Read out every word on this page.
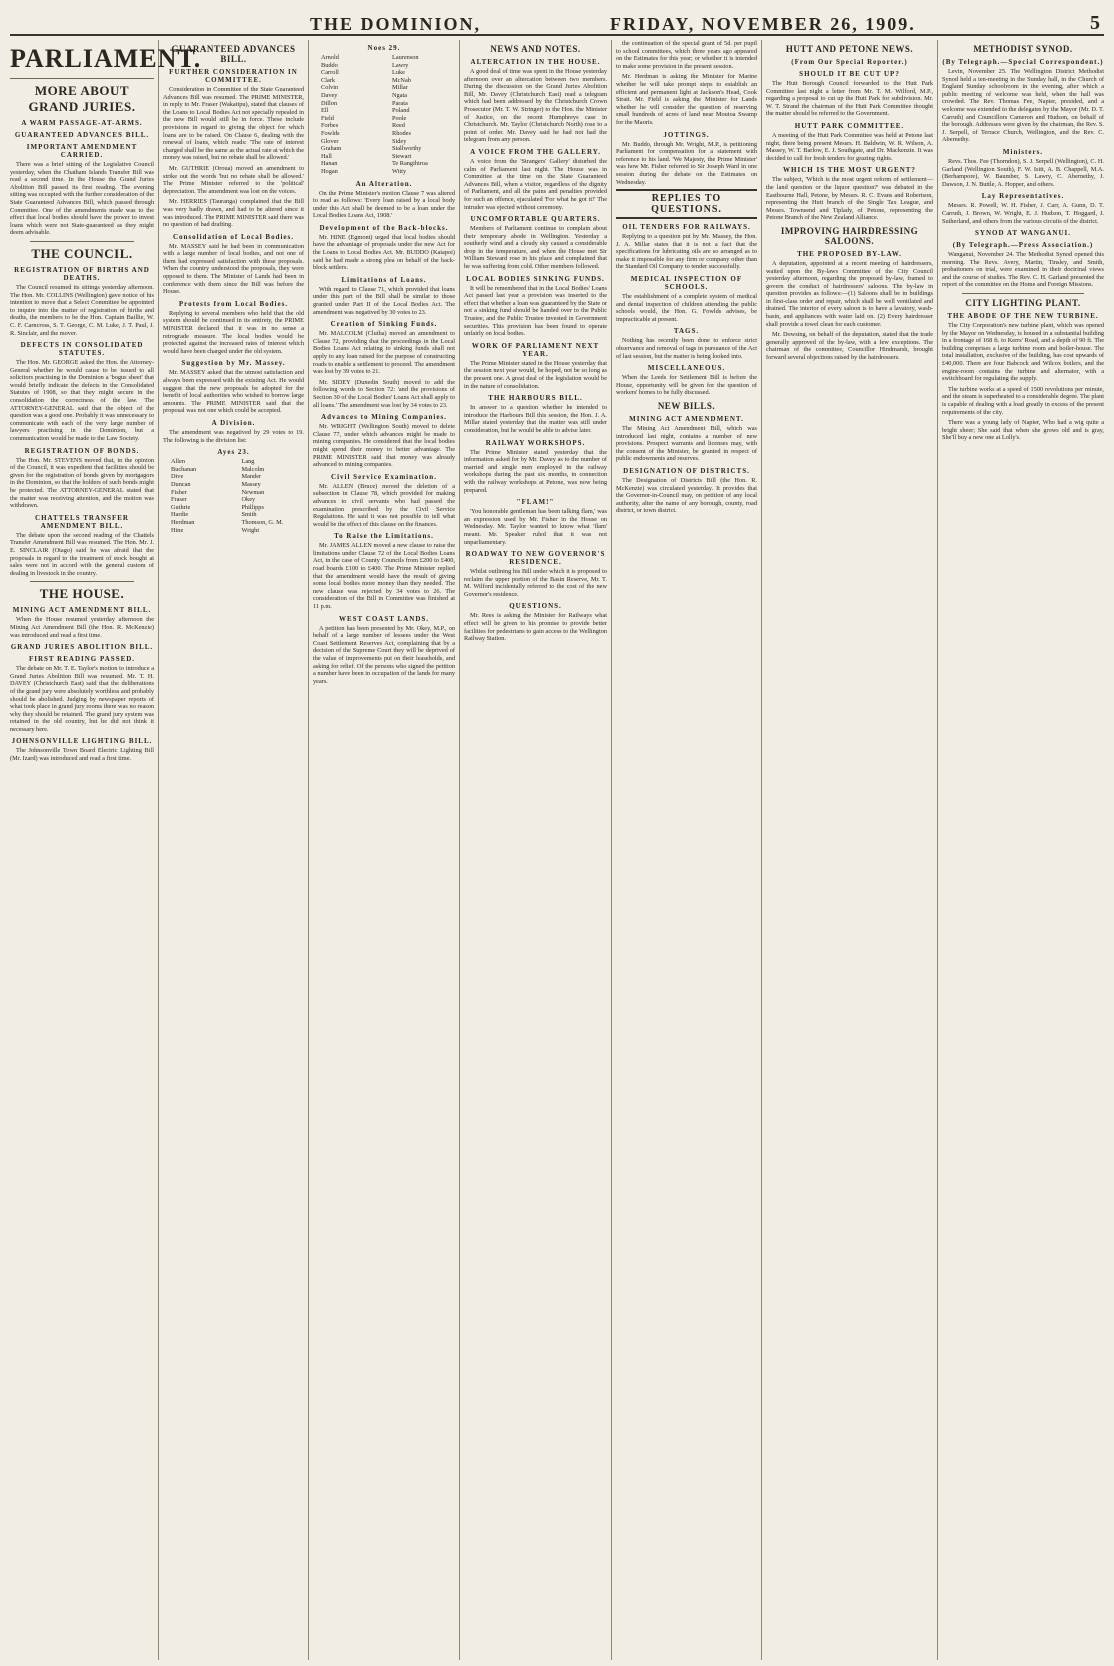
THE DOMINION,	FRIDAY, NOVEMBER 26, 1909.	5
PARLIAMENT.
MORE ABOUT GRAND JURIES.
A WARM PASSAGE-AT-ARMS.
GUARANTEED ADVANCES BILL.
IMPORTANT AMENDMENT CARRIED.

There was a brief sitting of the Legislative Council yesterday, when the Chatham Islands Transfer Bill was read a second time. In the House the Grand Juries Abolition Bill passed its first reading. The evening sitting was occupied with the further consideration of the State Guaranteed Advances Bill, which passed through Committee. One of the amendments made was to the effect that local bodies should have the power to invest loans which were not State-guaranteed as they might deem advisable.

THE COUNCIL.
REGISTRATION OF BIRTHS AND DEATHS.

The Council resumed its sittings yesterday afternoon. The Hon. Mr. COLLINS (Wellington) gave notice of his intention to move that a Select Committee be appointed to inquire into the matter of registration of births and deaths, the members to be the Hon. Captain Baillie, W. C. F. Carncross, S. T. George, C. M. Luke, J. T. Paul, J. R. Sinclair, and the mover.

DEFECTS IN CONSOLIDATED STATUTES.

The Hon. Mr. GEORGE asked the Hon. the Attorney-General whether he would cause to be issued to all solicitors practising in the Dominion a 'bogus sheet' that would briefly indicate the defects in the Consolidated Statutes of 1908, so that they might secure in the consolidation the correctness of the law. The ATTORNEY-GENERAL said that the object of the question was a good one. Probably it was unnecessary to communicate with each of the very large number of lawyers practising in the Dominion, but a communication would be made to the Law Society.

REGISTRATION OF BONDS.

The Hon. Mr. STEVENS moved that, in the opinion of the Council, it was expedient that facilities should be given for the registration of bonds given by mortgagors in the Dominion, so that the holders of such bonds might be protected. The ATTORNEY-GENERAL stated that the matter was receiving attention, and the motion was withdrawn.

CHATTELS TRANSFER AMENDMENT BILL.

The debate upon the second reading of the Chattels Transfer Amendment Bill was resumed. The Hon. Mr. J. E. SINCLAIR (Otago) said he was afraid that the proposals in regard to the treatment of stock bought at sales were not in accord with the general custom of dealing in livestock in the country.

THE HOUSE.
MINING ACT AMENDMENT BILL.

When the House resumed yesterday afternoon the Mining Act Amendment Bill (the Hon. R. McKenzie) was introduced and read a first time.

GRAND JURIES ABOLITION BILL.
FIRST READING PASSED.

The debate on Mr. T. E. Taylor's motion to introduce a Grand Juries Abolition Bill was resumed. Mr. T. H. DAVEY (Christchurch East) said that the deliberations of the grand jury were absolutely worthless and probably should be abolished. Judging by newspaper reports of what took place in grand jury rooms there was no reason why they should be retained. The grand jury system was retained in the old country, but he did not think it necessary here.

JOHNSONVILLE LIGHTING BILL.

The Johnsonville Town Board Electric Lighting Bill (Mr. Izard) was introduced and read a first time.

GUARANTEED ADVANCES BILL.
FURTHER CONSIDERATION IN COMMITTEE.

Consideration in Committee of the State Guaranteed Advances Bill was resumed. The PRIME MINISTER, in reply to Mr. Fraser (Wakatipu), stated that clauses of the Loans to Local Bodies Act not specially repealed in the new Bill would still be in force. These include provisions in regard to giving the object for which loans are to be raised. On Clause 6, dealing with the renewal of loans, which reads: 'The rate of interest charged shall be the same as the actual rate at which the money was raised, but no rebate shall be allowed.'

Mr. GUTHRIE (Oroua) moved an amendment to strike out the words 'but no rebate shall be allowed.' The Prime Minister referred to the 'political' depreciation. The amendment was lost on the voices.

Mr. HERRIES (Tauranga) complained that the Bill was very badly drawn, and had to be altered since it was introduced. The PRIME MINISTER said there was no question of bad drafting.

Consolidation of Local Bodies.

Mr. MASSEY said he had been in communication with a large number of local bodies, and not one of them had expressed satisfaction with these proposals. When the country understood the proposals, they were opposed to them. The Minister of Lands had been in conference with them since the Bill was before the House.

Protests from Local Bodies.

Replying to several members who held that the old system should be continued in its entirety, the PRIME MINISTER declared that it was in no sense a retrograde measure. The local bodies would be protected against the increased rates of interest which would have been charged under the old system.

Suggestion by Mr. Massey.

Mr. MASSEY asked that the utmost satisfaction and always been expressed with the existing Act. He would suggest that the new proposals be adopted for the benefit of local authorities who wished to borrow large amounts. The PRIME MINISTER said that the proposal was not one which could be accepted.

A Division.

The amendment was negatived by 29 votes to 19. The following is the division list:

Ayes 23.
Allen
Buchanan
Dive
Duncan
Fisher
Fraser
Guthrie
Hardie
Herdman
Hine
Lang
Malcolm
Mander
Massey
Newman
Okey
Phillipps
Smith
Thomson, G. M.
Wright
Noes 29.
Arnold
Buddo
Carroll
Clark
Colvin
Davey
Dillon
Ell
Field
Forbes
Fowlds
Glover
Graham
Hall
Hanan
Hogan
Laurenson
Lawry
Luke
McNab
Millar
Ngata
Parata
Poland
Poole
Reed
Rhodes
Sidey
Stallworthy
Stewart
Te Rangihiroa
Witty
An Alteration.

On the Prime Minister's motion Clause 7 was altered to read as follows: 'Every loan raised by a local body under this Act shall be deemed to be a loan under the Local Bodies Loans Act, 1908.'

Development of the Back-blocks.

Mr. HINE (Egmont) urged that local bodies should have the advantage of proposals under the new Act for the Loans to Local Bodies Act. Mr. BUDDO (Kaiapoi) said he had made a strong plea on behalf of the back-block settlers.

Limitations of Loans.

With regard to Clause 71, which provided that loans under this part of the Bill shall be similar to those granted under Part II of the Local Bodies Act. The amendment was negatived by 30 votes to 23.

Creation of Sinking Funds.

Mr. MALCOLM (Clutha) moved an amendment to Clause 72, providing that the proceedings in the Local Bodies Loans Act relating to sinking funds shall not apply to any loan raised for the purpose of constructing roads to enable a settlement to proceed. The amendment was lost by 39 votes to 21.

Mr. SIDEY (Dunedin South) moved to add the following words to Section 72: 'and the provisions of Section 30 of the Local Bodies' Loans Act shall apply to all loans.' The amendment was lost by 34 votes to 23.

Advances to Mining Companies.

Mr. WRIGHT (Wellington South) moved to delete Clause 77, under which advances might be made to mining companies. He considered that the local bodies might spend their money to better advantage. The PRIME MINISTER said that money was already advanced to mining companies.

Civil Service Examination.

Mr. ALLEN (Bruce) moved the deletion of a subsection in Clause 78, which provided for making advances to civil servants who had passed the examination prescribed by the Civil Service Regulations. He said it was not possible to tell what would be the effect of this clause on the finances.

To Raise the Limitations.

Mr. JAMES ALLEN moved a new clause to raise the limitations under Clause 72 of the Local Bodies Loans Act, in the case of County Councils from £200 to £400, road boards £100 to £400. The Prime Minister replied that the amendment would have the result of giving some local bodies more money than they needed. The new clause was rejected by 34 votes to 26. The consideration of the Bill in Committee was finished at 11 p.m.

WEST COAST LANDS.

A petition has been presented by Mr. Okey, M.P., on behalf of a large number of lessees under the West Coast Settlement Reserves Act, complaining that by a decision of the Supreme Court they will be deprived of the value of improvements put on their leaseholds, and asking for relief. Of the persons who signed the petition a number have been in occupation of the lands for many years.

NEWS AND NOTES.
ALTERCATION IN THE HOUSE.

A good deal of time was spent in the House yesterday afternoon over an altercation between two members. During the discussion on the Grand Juries Abolition Bill, Mr. Davey (Christchurch East) read a telegram which had been addressed by the Christchurch Crown Prosecutor (Mr. T. W. Stringer) to the Hon. the Minister of Justice, on the recent Humphreys case in Christchurch. Mr. Taylor (Christchurch North) rose to a point of order. Mr. Davey said he had not had the telegram from any person.

A VOICE FROM THE GALLERY.

A voice from the 'Strangers' Gallery' disturbed the calm of Parliament last night. The House was in Committee at the time on the State Guaranteed Advances Bill, when a visitor, regardless of the dignity of Parliament, and all the pains and penalties provided for such an offence, ejaculated 'For what he got it!' The intruder was ejected without ceremony.

UNCOMFORTABLE QUARTERS.

Members of Parliament continue to complain about their temporary abode in Wellington. Yesterday a southerly wind and a cloudy sky caused a considerable drop in the temperature, and when the House met Sir William Steward rose in his place and complained that he was suffering from cold. Other members followed.

LOCAL BODIES SINKING FUNDS.

It will be remembered that in the Local Bodies' Loans Act passed last year a provision was inserted to the effect that whether a loan was guaranteed by the State or not a sinking fund should be handed over to the Public Trustee, and the Public Trustee invested in Government securities. This provision has been found to operate unfairly on local bodies.

WORK OF PARLIAMENT NEXT YEAR.

The Prime Minister stated in the House yesterday that the session next year would, he hoped, not be so long as the present one. A great deal of the legislation would be in the nature of consolidation.

THE HARBOURS BILL.

In answer to a question whether he intended to introduce the Harbours Bill this session, the Hon. J. A. Millar stated yesterday that the matter was still under consideration, but he would be able to advise later.

RAILWAY WORKSHOPS.

The Prime Minister stated yesterday that the information asked for by Mr. Davey as to the number of married and single men employed in the railway workshops during the past six months, in connection with the railway workshops at Petone, was now being prepared.

"FLAM!"

'You honorable gentleman has been talking flam,' was an expression used by Mr. Fisher in the House on Wednesday. Mr. Taylor wanted to know what 'flam' meant. Mr. Speaker ruled that it was not unparliamentary.

ROADWAY TO NEW GOVERNOR'S RESIDENCE.

Whilst outlining his Bill under which it is proposed to reclaim the upper portion of the Basin Reserve, Mr. T. M. Wilford incidentally referred to the cost of the new Governor's residence.

QUESTIONS.

Mr. Rees is asking the Minister for Railways what effect will be given to his promise to provide better facilities for pedestrians to gain access to the Wellington Railway Station.

the continuation of the special grant of 5d. per pupil to school committees, which three years ago appeared on the Estimates for this year; or whether it is intended to make some provision in the present session.

Mr. Herdman is asking the Minister for Marine whether he will take prompt steps to establish an efficient and permanent light at Jackson's Head, Cook Strait. Mr. Field is asking the Minister for Lands whether he will consider the question of reserving small hundreds of acres of land near Moutoa Swamp for the Maoris.

JOTTINGS.

Mr. Buddo, through Mr. Wright, M.P., is petitioning Parliament for compensation for a statement with reference to his land. 'We Majesty, the Prime Minister' was how Mr. Fisher referred to Sir Joseph Ward in one session during the debate on the Estimates on Wednesday.

REPLIES TO QUESTIONS.
OIL TENDERS FOR RAILWAYS.

Replying to a question put by Mr. Massey, the Hon. J. A. Millar states that it is not a fact that the specifications for lubricating oils are so arranged as to make it impossible for any firm or company other than the Standard Oil Company to tender successfully.

MEDICAL INSPECTION OF SCHOOLS.

The establishment of a complete system of medical and dental inspection of children attending the public schools would, the Hon. G. Fowlds advises, be impracticable at present.

TAGS.

Nothing has recently been done to enforce strict observance and removal of tags in pursuance of the Act of last session, but the matter is being looked into.

MISCELLANEOUS.

When the Leeds for Settlement Bill is before the House, opportunity will be given for the question of workers' homes to be fully discussed.

NEW BILLS.
MINING ACT AMENDMENT.

The Mining Act Amendment Bill, which was introduced last night, contains a number of new provisions. Prospect warrants and licenses may, with the consent of the Minister, be granted in respect of public endowments and reserves.

DESIGNATION OF DISTRICTS.

The Designation of Districts Bill (the Hon. R. McKenzie) was circulated yesterday. It provides that the Governor-in-Council may, on petition of any local authority, alter the name of any borough, county, road district, or town district.

HUTT AND PETONE NEWS.
(From Our Special Reporter.)
SHOULD IT BE CUT UP?

The Hutt Borough Council forwarded to the Hutt Park Committee last night a letter from Mr. T. M. Wilford, M.P., regarding a proposal to cut up the Hutt Park for subdivision. Mr. W. T. Strand the chairman of the Hutt Park Committee thought the matter should be referred to the Government.

HUTT PARK COMMITTEE.

A meeting of the Hutt Park Committee was held at Petone last night, there being present Messrs. H. Baldwin, W. R. Wilson, A. Massey, W. T. Barlow, E. J. Southgate, and Dr. Mackenzie. It was decided to call for fresh tenders for grazing rights.

WHICH IS THE MOST URGENT?

The subject, 'Which is the most urgent reform of settlement—the land question or the liquor question?' was debated in the Eastbourne Hall, Petone, by Messrs. R. C. Evans and Robertson, representing the Hutt branch of the Single Tax League, and Messrs. Townsend and Tiplady, of Petone, representing the Petone Branch of the New Zealand Alliance.

IMPROVING HAIRDRESSING SALOONS.
THE PROPOSED BY-LAW.

A deputation, appointed at a recent meeting of hairdressers, waited upon the By-laws Committee of the City Council yesterday afternoon, regarding the proposed by-law, framed to govern the conduct of hairdressers' saloons. The by-law in question provides as follows:—(1) Saloons shall be in buildings in first-class order and repair, which shall be well ventilated and drained. The interior of every saloon is to have a lavatory, wash-basin, and appliances with water laid on. (2) Every hairdresser shall provide a towel clean for each customer.

Mr. Dowsing, on behalf of the deputation, stated that the trade generally approved of the by-law, with a few exceptions. The chairman of the committee, Councillor Hindmarsh, brought forward several objections raised by the hairdressers.

METHODIST SYNOD.
(By Telegraph.—Special Correspondent.)

Levin, November 25. The Wellington District Methodist Synod held a ten-meeting in the Sunday hall, in the Church of England Sunday schoolroom in the evening, after which a public meeting of welcome was held, when the hall was crowded. The Rev. Thomas Fee, Napier, presided, and a welcome was extended to the delegates by the Mayor (Mr. D. T. Carruth) and Councillors Cameron and Hudson, on behalf of the borough. Addresses were given by the chairman, the Rev. S. J. Serpell, of Terrace Church, Wellington, and the Rev. C. Abernethy.

Ministers.

Revs. Thos. Fee (Thorndon), S. J. Serpell (Wellington), C. H. Garland (Wellington South), F. W. Isitt, A. B. Chappell, M.A. (Berhampore), W. Baumber, S. Lawry, C. Abernethy, J. Dawson, J. N. Buttle, A. Hopper, and others.

Lay Representatives.

Messrs. R. Powell, W. H. Fisher, J. Carr, A. Gunn, D. T. Carruth, J. Brown, W. Wright, E. J. Hudson, T. Hoggard, J. Sutherland, and others from the various circuits of the district.

SYNOD AT WANGANUI.
(By Telegraph.—Press Association.)

Wanganui, November 24. The Methodist Synod opened this morning. The Revs. Avery, Martin, Tinsley, and Smith, probationers on trial, were examined in their doctrinal views and the course of studies. The Rev. C. H. Garland presented the report of the committee on the Home and Foreign Missions.

CITY LIGHTING PLANT.
THE ABODE OF THE NEW TURBINE.

The City Corporation's new turbine plant, which was opened by the Mayor on Wednesday, is housed in a substantial building in a frontage of 168 ft. to Kerrs' Road, and a depth of 90 ft. The building comprises a large turbine room and boiler-house. The total installation, exclusive of the building, has cost upwards of £40,000. There are four Babcock and Wilcox boilers, and the engine-room contains the turbine and alternator, with a switchboard for regulating the supply.

The turbine works at a speed of 1500 revolutions per minute, and the steam is superheated to a considerable degree. The plant is capable of dealing with a load greatly in excess of the present requirements of the city.

There was a young lady of Napier, Who had a wig quite a bright sheer; She said that when she grows old and is gray, She'll buy a new one at Lolly's.
